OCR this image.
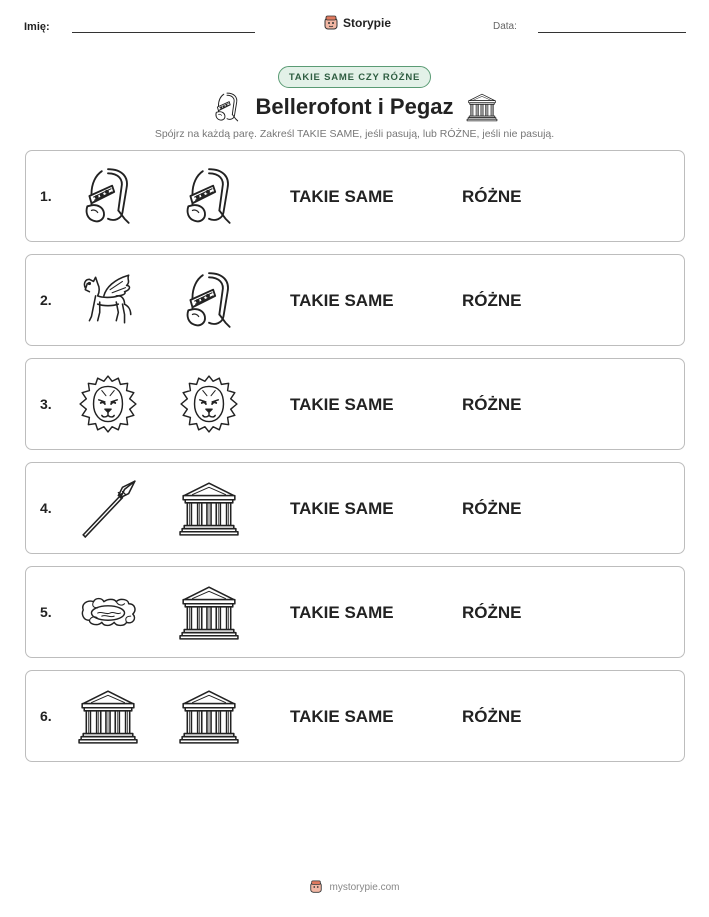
Imię:	Storypie	Data:
TAKIE SAME CZY RÓŻNE
Bellerofont i Pegaz
Spójrz na każdą parę. Zakreśl TAKIE SAME, jeśli pasują, lub RÓŻNE, jeśli nie pasują.
1.	TAKIE SAME	RÓŻNE
2.	TAKIE SAME	RÓŻNE
3.	TAKIE SAME	RÓŻNE
4.	TAKIE SAME	RÓŻNE
5.	TAKIE SAME	RÓŻNE
6.	TAKIE SAME	RÓŻNE
mystorypie.com
